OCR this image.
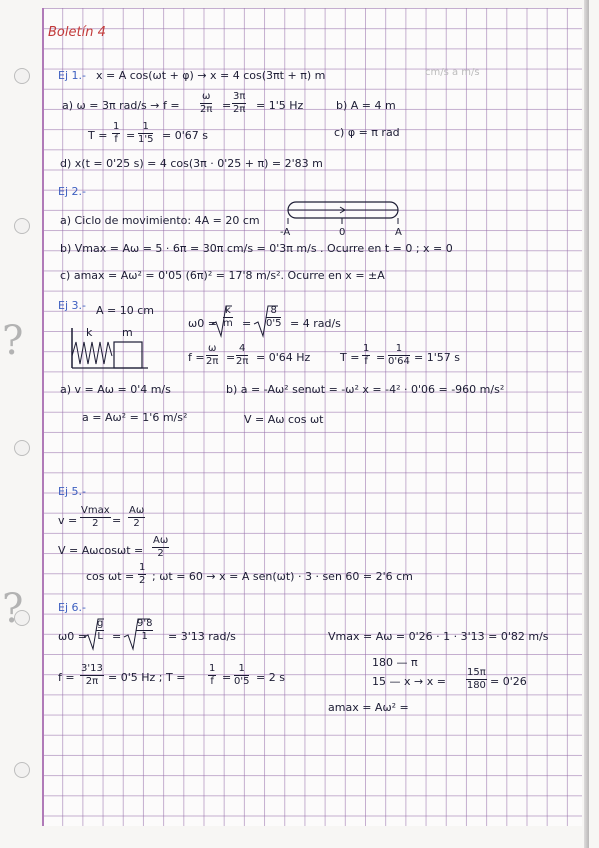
?
?
Boletín 4
cm/s a m/s
Ej 1.- x = A cos(ωt + φ) → x = 4 cos(3πt + π) m
a) ω = 3π $rad/s \to f = \frac{\omega}{2\pi} = \frac{3\pi}{2\pi} = 1'5$ Hz	b) A = 4 m
$T = \frac{1}{f} = \frac{1}{1'5} = 0'67$ s	c) φ = π rad
d) x(t = 0'25 s) = 4 cos(3π · 0'25 + π) = 2'83 m
Ej 2.-
a) Ciclo de movimiento: 4A = 20 cm
-A	0	A
b) Vmax = Aω = 5 · 6π = 30π cm/s = 0'3π m/s . Ocurre en t = 0 ; x = 0
c) amax = Aω² = 0'05 (6π)² = 17'8 m/s². Ocurre en x = ±A
Ej 3.- A = 10 cm
k	m
$\omega 0 = \frac{k}{m} = \frac{8}{0'5} = 4$ rad/s
$f = \frac{\omega}{2\pi} = \frac{4}{2\pi} = 0'64$ Hz	$T = \frac{1}{f} = \frac{1}{0'64} = 1'57$ s
a) v = Aω = 0'4 m/s	b) a = -Aω² senωt = -ω² x = -4² · 0'06 = -960 m/s²
a = Aω² = 1'6 m/s²	V = Aω cos ωt
Ej 5.-
v =
Vmax
2	= $\frac{A\omega}{2}$
$V = A\omega\cos\omega t = \frac{A\omega}{2}$
$\cos \omega t = \frac{1}{2}$ ; ωt = 60 → x = A sen(ωt) · 3 · sen 60 = 2'6 cm
Ej 6.-
$\omega 0 = \frac{g}{L} = \frac{9'8}{1} = 3'13$ rad/s	Vmax = Aω = 0'26 · 1 · 3'13 = 0'82 m/s
$f = \frac{3'13}{2\pi} = 0'5$ Hz ; $T = \frac{1}{f} = \frac{1}{0'5} = 2$ s
180 — π
15 — $x \to x = \frac{15\pi}{180} = 0'26$
amax = Aω² =
